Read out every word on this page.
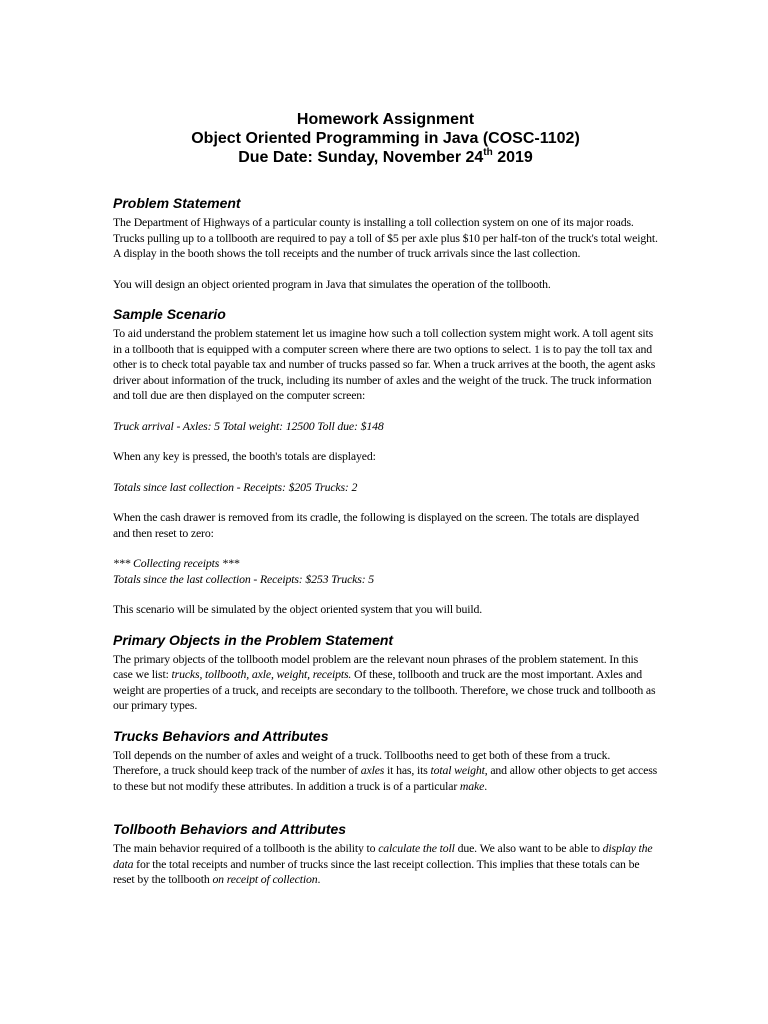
Homework Assignment
Object Oriented Programming in Java (COSC-1102)
Due Date: Sunday, November 24th 2019
Problem Statement

The Department of Highways of a particular county is installing a toll collection system on one of its major roads. Trucks pulling up to a tollbooth are required to pay a toll of $5 per axle plus $10 per half-ton of the truck's total weight. A display in the booth shows the toll receipts and the number of truck arrivals since the last collection.

You will design an object oriented program in Java that simulates the operation of the tollbooth.

Sample Scenario

To aid understand the problem statement let us imagine how such a toll collection system might work. A toll agent sits in a tollbooth that is equipped with a computer screen where there are two options to select. 1 is to pay the toll tax and other is to check total payable tax and number of trucks passed so far. When a truck arrives at the booth, the agent asks driver about information of the truck, including its number of axles and the weight of the truck. The truck information and toll due are then displayed on the computer screen:

Truck arrival - Axles: 5 Total weight: 12500 Toll due: $148

When any key is pressed, the booth's totals are displayed:

Totals since last collection - Receipts: $205 Trucks: 2

When the cash drawer is removed from its cradle, the following is displayed on the screen. The totals are displayed and then reset to zero:

*** Collecting receipts ***

Totals since the last collection - Receipts: $253 Trucks: 5

This scenario will be simulated by the object oriented system that you will build.

Primary Objects in the Problem Statement

The primary objects of the tollbooth model problem are the relevant noun phrases of the problem statement. In this case we list: trucks, tollbooth, axle, weight, receipts. Of these, tollbooth and truck are the most important. Axles and weight are properties of a truck, and receipts are secondary to the tollbooth. Therefore, we chose truck and tollbooth as our primary types.

Trucks Behaviors and Attributes

Toll depends on the number of axles and weight of a truck. Tollbooths need to get both of these from a truck. Therefore, a truck should keep track of the number of axles it has, its total weight, and allow other objects to get access to these but not modify these attributes. In addition a truck is of a particular make.

Tollbooth Behaviors and Attributes

The main behavior required of a tollbooth is the ability to calculate the toll due. We also want to be able to display the data for the total receipts and number of trucks since the last receipt collection. This implies that these totals can be reset by the tollbooth on receipt of collection.
